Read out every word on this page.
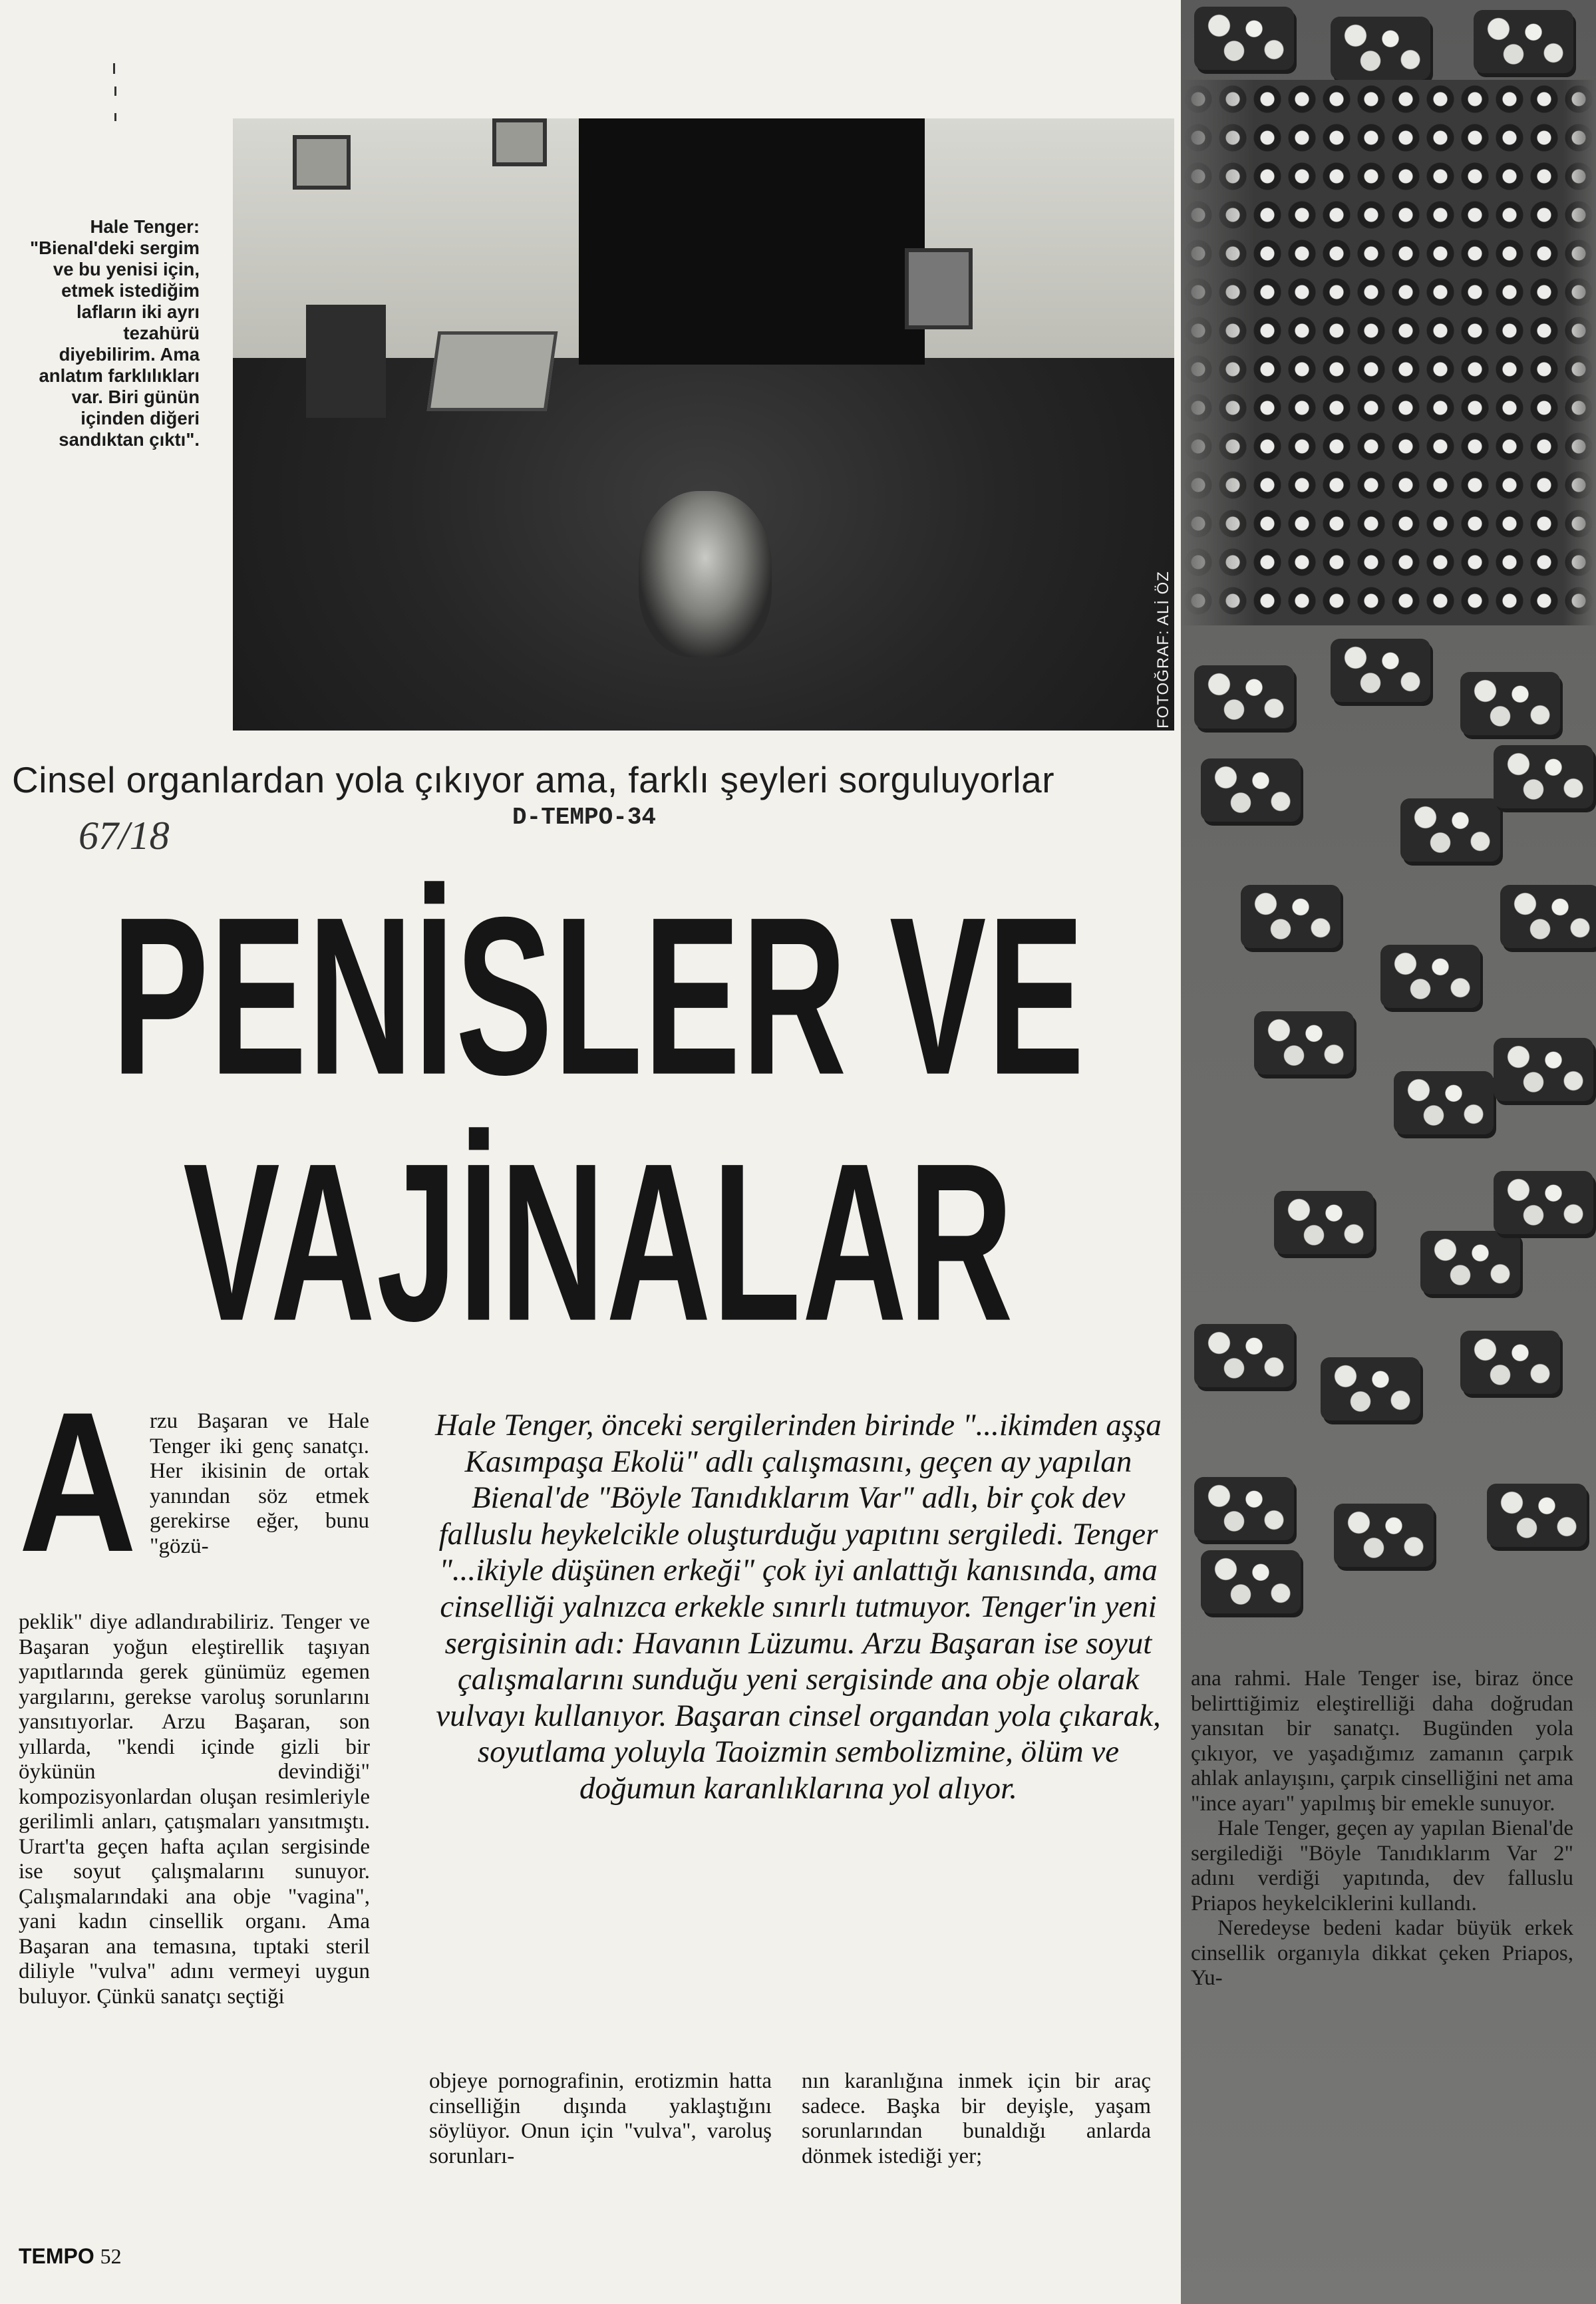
FOTOĞRAF: ALİ ÖZ
Hale Tenger: "Bienal'deki sergim ve bu yenisi için, etmek istediğim lafların iki ayrı tezahürü diyebilirim. Ama anlatım farklılıkları var. Biri günün içinden diğeri sandıktan çıktı".
Cinsel organlardan yola çıkıyor ama, farklı şeyleri sorguluyorlar
D-TEMPO-34
67/18
PENİSLER VE
VAJİNALAR
A rzu Başaran ve Hale Tenger iki genç sanatçı. Her ikisinin de ortak yanından söz etmek gerekirse eğer, bunu "gözü-
peklik" diye adlandırabiliriz. Tenger ve Başaran yoğun eleştirellik taşıyan yapıtlarında gerek günümüz egemen yargılarını, gerekse varoluş sorunlarını yansıtıyorlar. Arzu Başaran, son yıllarda, "kendi içinde gizli bir öykünün devindiği" kompozisyonlardan oluşan resimleriyle gerilimli anları, çatışmaları yansıtmıştı. Urart'ta geçen hafta açılan sergisinde ise soyut çalışmalarını sunuyor. Çalışmalarındaki ana obje "vagina", yani kadın cinsellik organı. Ama Başaran ana temasına, tıptaki steril diliyle "vulva" adını vermeyi uygun buluyor. Çünkü sanatçı seçtiği
Hale Tenger, önceki sergilerinden birinde "...ikimden aşşa Kasımpaşa Ekolü" adlı çalışmasını, geçen ay yapılan Bienal'de "Böyle Tanıdıklarım Var" adlı, bir çok dev falluslu heykelcikle oluşturduğu yapıtını sergiledi. Tenger "...ikiyle düşünen erkeği" çok iyi anlattığı kanısında, ama cinselliği yalnızca erkekle sınırlı tutmuyor. Tenger'in yeni sergisinin adı: Havanın Lüzumu. Arzu Başaran ise soyut çalışmalarını sunduğu yeni sergisinde ana obje olarak vulvayı kullanıyor. Başaran cinsel organdan yola çıkarak, soyutlama yoluyla Taoizmin sembolizmine, ölüm ve doğumun karanlıklarına yol alıyor.
objeye pornografinin, erotizmin hatta cinselliğin dışında yaklaştığını söylüyor. Onun için "vulva", varoluş sorunları-
nın karanlığına inmek için bir araç sadece. Başka bir deyişle, yaşam sorunlarından bunaldığı anlarda dönmek istediği yer;

ana rahmi. Hale Tenger ise, biraz önce belirttiğimiz eleştirelliği daha doğrudan yansıtan bir sanatçı. Bugünden yola çıkıyor, ve yaşadığımız zamanın çarpık ahlak anlayışını, çarpık cinselliğini net ama "ince ayarı" yapılmış bir emekle sunuyor.

Hale Tenger, geçen ay yapılan Bienal'de sergilediği "Böyle Tanıdıklarım Var 2" adını verdiği yapıtında, dev falluslu Priapos heykelciklerini kullandı.

Neredeyse bedeni kadar büyük erkek cinsellik organıyla dikkat çeken Priapos, Yu-

TEMPO 52
